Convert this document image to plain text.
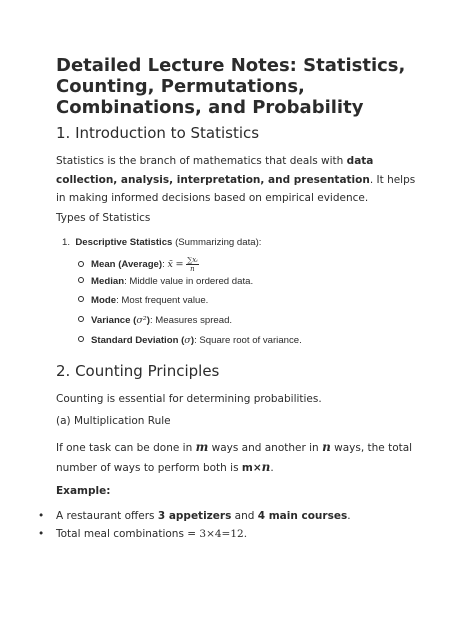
Detailed Lecture Notes: Statistics, Counting, Permutations, Combinations, and Probability
1. Introduction to Statistics

Statistics is the branch of mathematics that deals with data collection, analysis, interpretation, and presentation. It helps in making informed decisions based on empirical evidence.

Types of Statistics

1.  Descriptive Statistics (Summarizing data):
Mean (Average): x̄ = $\frac{\text{∑xᵢ}}{n}$
Median: Middle value in ordered data.
Mode: Most frequent value.
Variance (σ²): Measures spread.
Standard Deviation (σ): Square root of variance.
2. Counting Principles

Counting is essential for determining probabilities.

(a) Multiplication Rule

If one task can be done in m ways and another in n ways, the total number of ways to perform both is m×n.

Example:

• A restaurant offers 3 appetizers and 4 main courses.
• Total meal combinations = 3×4=12.
